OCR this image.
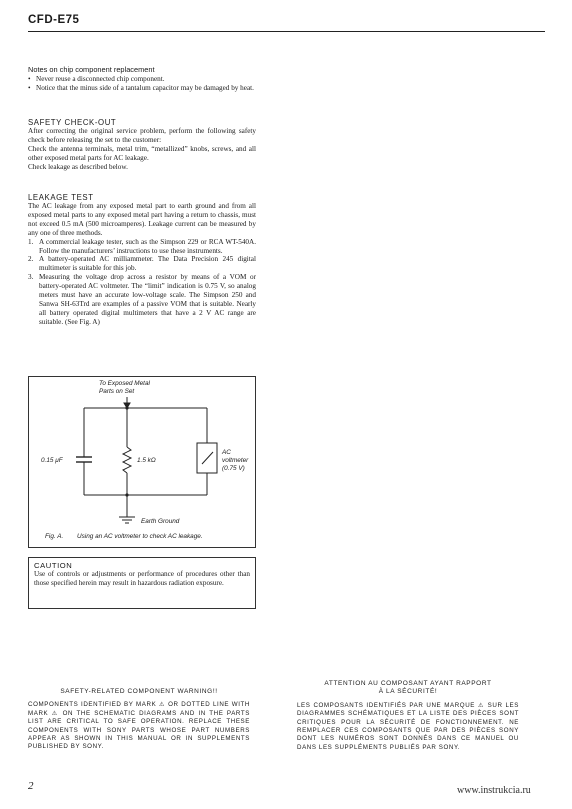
CFD-E75

Notes on chip component replacement

• Never reuse a disconnected chip component.
• Notice that the minus side of a tantalum capacitor may be damaged by heat.

SAFETY CHECK-OUT

After correcting the original service problem, perform the following safety check before releasing the set to the customer:

Check the antenna terminals, metal trim, “metallized” knobs, screws, and all other exposed metal parts for AC leakage.

Check leakage as described below.

LEAKAGE TEST

The AC leakage from any exposed metal part to earth ground and from all exposed metal parts to any exposed metal part having a return to chassis, must not exceed 0.5 mA (500 microamperes). Leakage current can be measured by any one of three methods.

1. A commercial leakage tester, such as the Simpson 229 or RCA WT-540A. Follow the manufacturers’ instructions to use these instruments.
2. A battery-operated AC milliammeter. The Data Precision 245 digital multimeter is suitable for this job.
3. Measuring the voltage drop across a resistor by means of a VOM or battery-operated AC voltmeter. The “limit” indication is 0.75 V, so analog meters must have an accurate low-voltage scale. The Simpson 250 and Sanwa SH-63Trd are examples of a passive VOM that is suitable. Nearly all battery operated digital multimeters that have a 2 V AC range are suitable. (See Fig. A)
To Exposed Metal
Parts on Set
0.15 μF	1.5 kΩ
AC
voltmeter
(0.75 V)
Earth Ground
Fig. A. Using an AC voltmeter to check AC leakage.

CAUTION

Use of controls or adjustments or performance of procedures other than those specified herein may result in hazardous radiation exposure.

SAFETY-RELATED COMPONENT WARNING!!

COMPONENTS IDENTIFIED BY MARK ⚠ OR DOTTED LINE WITH MARK ⚠ ON THE SCHEMATIC DIAGRAMS AND IN THE PARTS LIST ARE CRITICAL TO SAFE OPERATION. REPLACE THESE COMPONENTS WITH SONY PARTS WHOSE PART NUMBERS APPEAR AS SHOWN IN THIS MANUAL OR IN SUPPLEMENTS PUBLISHED BY SONY.

ATTENTION AU COMPOSANT AYANT RAPPORT

À LA SÉCURITÉ!

LES COMPOSANTS IDENTIFIÉS PAR UNE MARQUE ⚠ SUR LES DIAGRAMMES SCHÉMATIQUES ET LA LISTE DES PIÈCES SONT CRITIQUES POUR LA SÉCURITÉ DE FONCTIONNEMENT. NE REMPLACER CES COMPOSANTS QUE PAR DES PIÈCES SONY DONT LES NUMÉROS SONT DONNÉS DANS CE MANUEL OU DANS LES SUPPLÉMENTS PUBLIÉS PAR SONY.

2	www.instrukcia.ru
